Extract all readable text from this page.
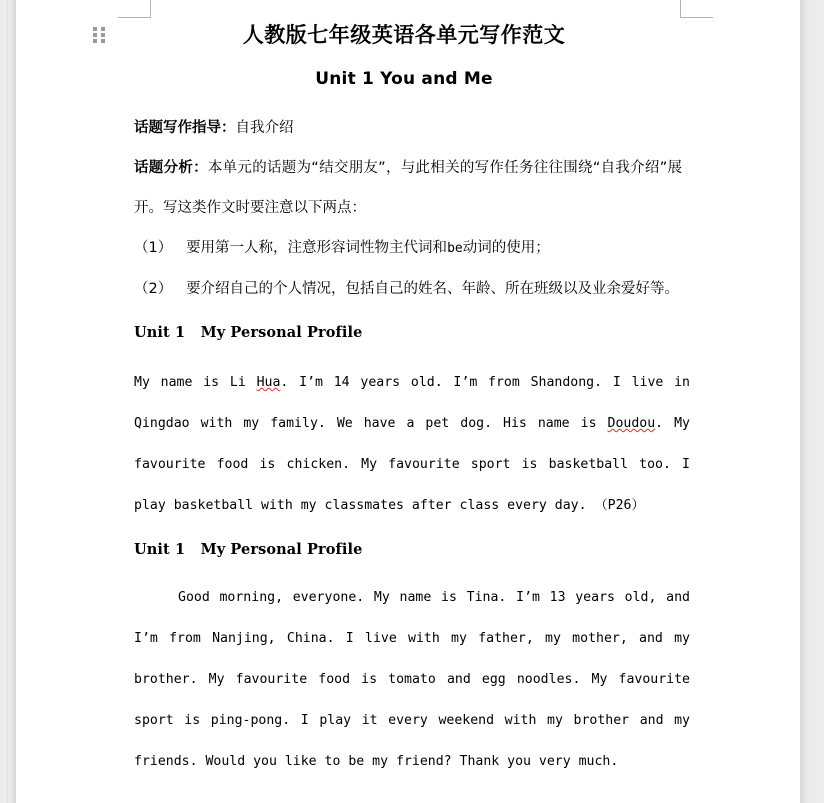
人教版七年级英语各单元写作范文
Unit 1 You and Me

话题写作指导：自我介绍

话题分析：本单元的话题为“结交朋友”，与此相关的写作任务往往围绕“自我介绍”展开。写这类作文时要注意以下两点：

（1） 要用第一人称，注意形容词性物主代词和be动词的使用；

（2） 要介绍自己的个人情况，包括自己的姓名、年龄、所在班级以及业余爱好等。

Unit 1   My Personal Profile

My name is Li Hua. I’m 14 years old. I’m from Shandong. I live in Qingdao with my family. We have a pet dog. His name is Doudou. My favourite food is chicken. My favourite sport is basketball too. I play basketball with my classmates after class every day. （P26）

Unit 1   My Personal Profile

Good morning, everyone. My name is Tina. I’m 13 years old, and I’m from Nanjing, China. I live with my father, my mother, and my brother. My favourite food is tomato and egg noodles. My favourite sport is ping-pong. I play it every weekend with my brother and my friends. Would you like to be my friend? Thank you very much.
